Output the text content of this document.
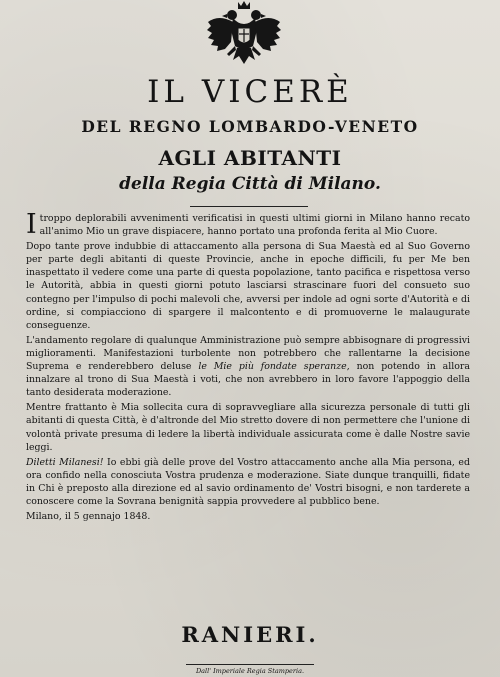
IL VICERÈ
DEL REGNO LOMBARDO-VENETO
AGLI ABITANTI
della Regia Città di Milano.

Itroppo deplorabili avvenimenti verificatisi in questi ultimi giorni in Milano hanno recato all'animo Mio un grave dispiacere, hanno portato una profonda ferita al Mio Cuore.

Dopo tante prove indubbie di attaccamento alla persona di Sua Maestà ed al Suo Governo per parte degli abitanti di queste Provincie, anche in epoche difficili, fu per Me ben inaspettato il vedere come una parte di questa popolazione, tanto pacifica e rispettosa verso le Autorità, abbia in questi giorni potuto lasciarsi strascinare fuori del consueto suo contegno per l'impulso di pochi malevoli che, avversi per indole ad ogni sorte d'Autorità e di ordine, si compiacciono di spargere il malcontento e di promuoverne le malaugurate conseguenze.

L'andamento regolare di qualunque Amministrazione può sempre abbisognare di progressivi miglioramenti. Manifestazioni turbolente non potrebbero che rallentarne la decisione Suprema e renderebbero deluse le Mie più fondate speranze, non potendo in allora innalzare al trono di Sua Maestà i voti, che non avrebbero in loro favore l'appoggio della tanto desiderata moderazione.

Mentre frattanto è Mia sollecita cura di sopravvegliare alla sicurezza personale di tutti gli abitanti di questa Città, è d'altronde del Mio stretto dovere di non permettere che l'unione di volontà private presuma di ledere la libertà individuale assicurata come è dalle Nostre savie leggi.

Diletti Milanesi! Io ebbi già delle prove del Vostro attaccamento anche alla Mia persona, ed ora confido nella conosciuta Vostra prudenza e moderazione. Siate dunque tranquilli, fidate in Chi è preposto alla direzione ed al savio ordinamento de' Vostri bisogni, e non tarderete a conoscere come la Sovrana benignità sappia provvedere al pubblico bene.

Milano, il 5 gennajo 1848.

RANIERI.
Dall' Imperiale Regia Stamperia.
